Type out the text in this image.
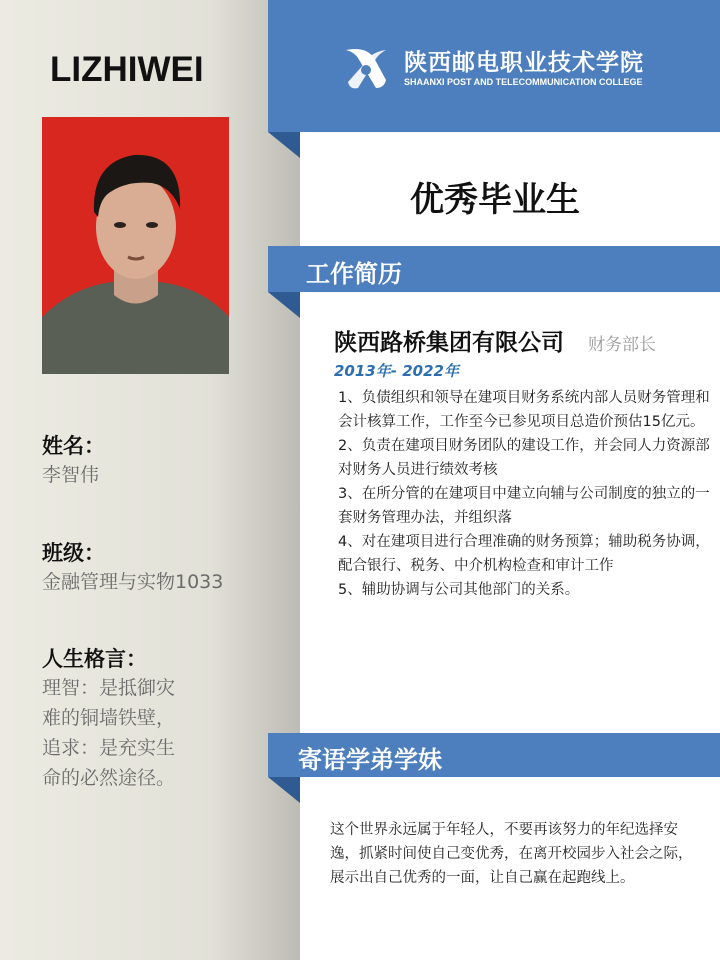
LIZHIWEI
姓名：
李智伟
班级：
金融管理与实物1033
人生格言：
理智：是抵御灾难的铜墙铁壁，追求：是充实生命的必然途径。
陕西邮电职业技术学院
SHAANXI POST AND TELECOMMUNICATION COLLEGE
优秀毕业生
工作简历
陕西路桥集团有限公司 财务部长
2013年- 2022年
1、负债组织和领导在建项目财务系统内部人员财务管理和会计核算工作，工作至今已参见项目总造价预估15亿元。
2、负责在建项目财务团队的建设工作，并会同人力资源部对财务人员进行绩效考核
3、在所分管的在建项目中建立向辅与公司制度的独立的一套财务管理办法，并组织落
4、对在建项目进行合理准确的财务预算；辅助税务协调，配合银行、税务、中介机构检查和审计工作
5、辅助协调与公司其他部门的关系。
寄语学弟学妹
这个世界永远属于年轻人，不要再该努力的年纪选择安逸，抓紧时间使自己变优秀，在离开校园步入社会之际，展示出自己优秀的一面，让自己赢在起跑线上。
